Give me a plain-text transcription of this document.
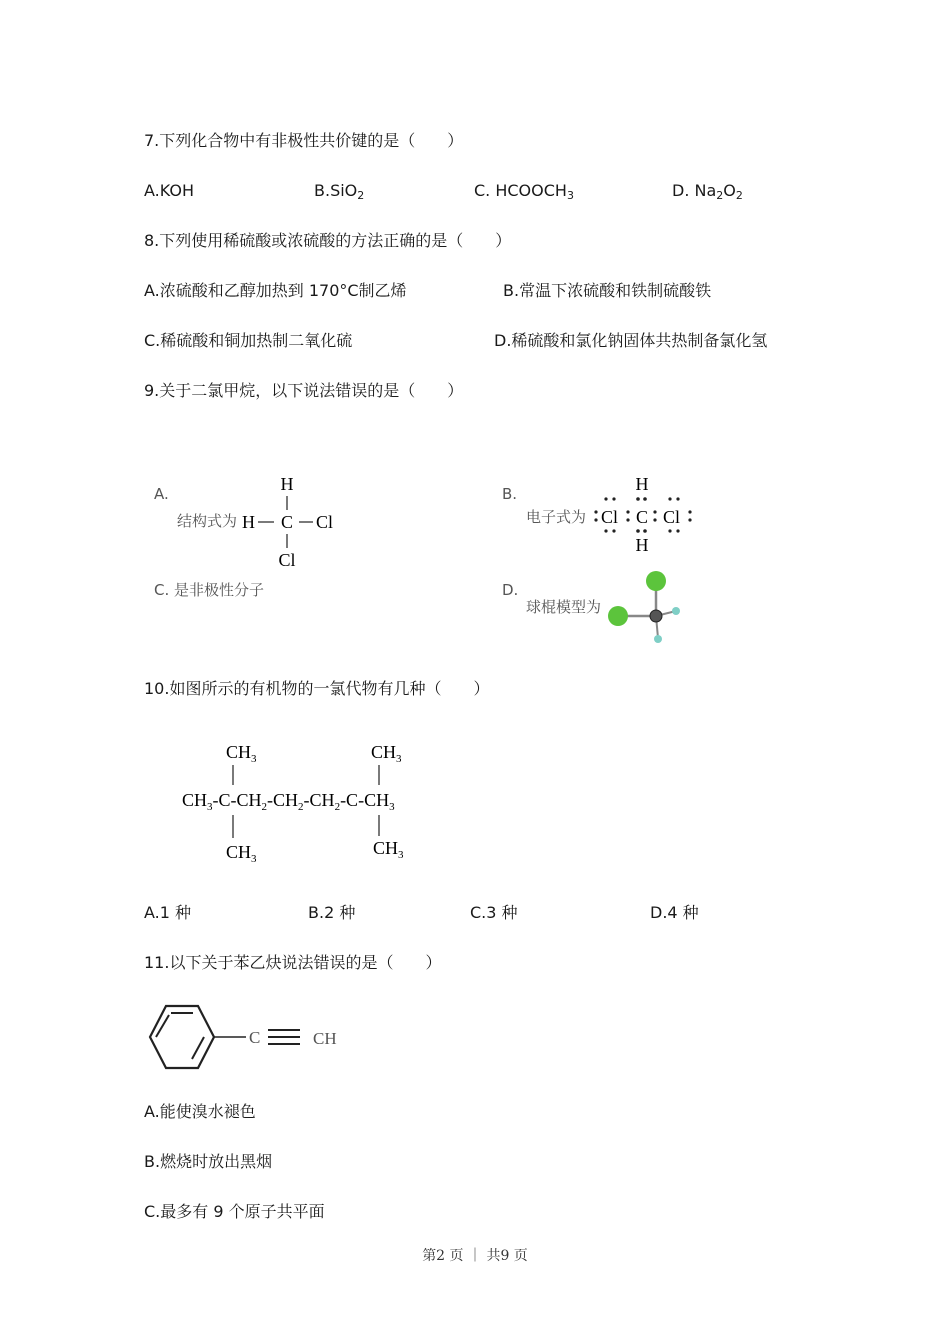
7.下列化合物中有非极性共价键的是（　　）
A.KOH	B.SiO$_2$	C. $HCOOCH_3$	D. $Na_2O_2$
8.下列使用稀硫酸或浓硫酸的方法正确的是（　　）
A.浓硫酸和乙醇加热到 170°C制乙烯	B.常温下浓硫酸和铁制硫酸铁
C.稀硫酸和铜加热制二氧化硫	D.稀硫酸和氯化钠固体共热制备氯化氢
9.关于二氯甲烷，以下说法错误的是（　　）
A.
结构式为
H
H C Cl
Cl
B.
电子式为
H
Cl C Cl
H
C. 是非极性分子	D.
球棍模型为
10.如图所示的有机物的一氯代物有几种（　　）
$CH_3$	$CH_3$
$CH_3-C-CH_2-CH_2-CH_2-C-CH_3$
$CH_3$
$CH_3$
A.1 种	B.2 种	C.3 种	D.4 种
11.以下关于苯乙炔说法错误的是（　　）
C	CH
A.能使溴水褪色
B.燃烧时放出黑烟
C.最多有 9 个原子共平面
第2 页 ｜ 共9 页
